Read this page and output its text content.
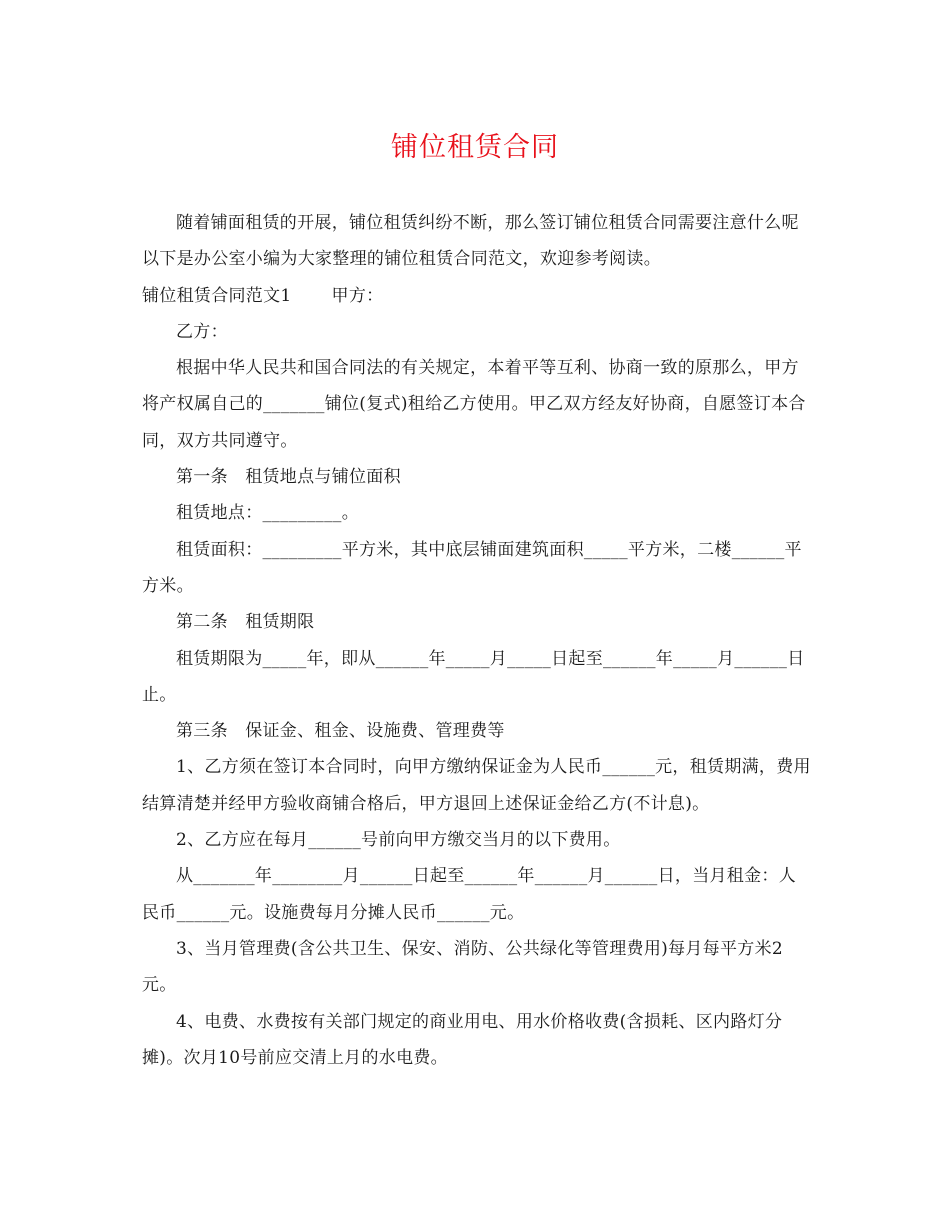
铺位租赁合同

随着铺面租赁的开展，铺位租赁纠纷不断，那么签订铺位租赁合同需要注意什么呢以下是办公室小编为大家整理的铺位租赁合同范文，欢迎参考阅读。

铺位租赁合同范文1 甲方：

乙方：

根据中华人民共和国合同法的有关规定，本着平等互利、协商一致的原那么，甲方将产权属自己的_______铺位(复式)租给乙方使用。甲乙双方经友好协商，自愿签订本合同，双方共同遵守。

第一条　租赁地点与铺位面积

租赁地点：_________。

租赁面积：_________平方米，其中底层铺面建筑面积_____平方米，二楼______平方米。

第二条　租赁期限

租赁期限为_____年，即从______年_____月_____日起至______年_____月______日止。

第三条　保证金、租金、设施费、管理费等

1、乙方须在签订本合同时，向甲方缴纳保证金为人民币______元，租赁期满，费用结算清楚并经甲方验收商铺合格后，甲方退回上述保证金给乙方(不计息)。

2、乙方应在每月______号前向甲方缴交当月的以下费用。

从_______年________月______日起至______年______月______日，当月租金：人民币______元。设施费每月分摊人民币______元。

3、当月管理费(含公共卫生、保安、消防、公共绿化等管理费用)每月每平方米2元。

4、电费、水费按有关部门规定的商业用电、用水价格收费(含损耗、区内路灯分摊)。次月10号前应交清上月的水电费。
